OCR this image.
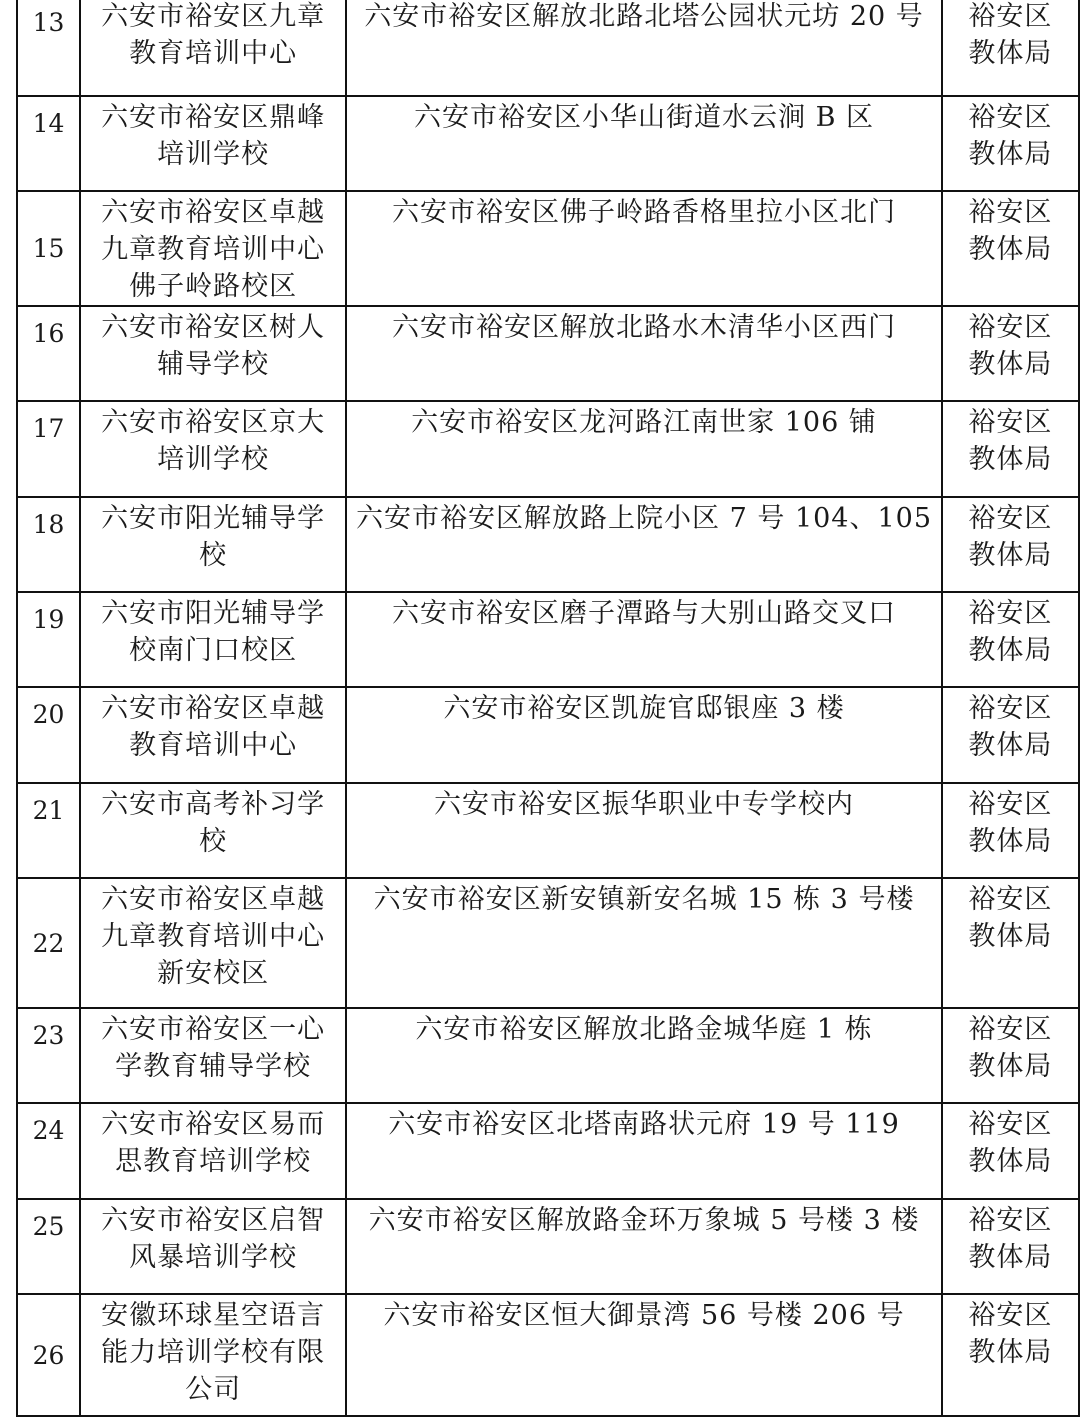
13	六安市裕安区九章
教育培训中心	六安市裕安区解放北路北塔公园状元坊 20 号	裕安区
教体局

14	六安市裕安区鼎峰
培训学校	六安市裕安区小华山街道水云涧 B 区	裕安区
教体局

15	六安市裕安区卓越
九章教育培训中心
佛子岭路校区	六安市裕安区佛子岭路香格里拉小区北门	裕安区
教体局

16	六安市裕安区树人
辅导学校	六安市裕安区解放北路水木清华小区西门	裕安区
教体局

17	六安市裕安区京大
培训学校	六安市裕安区龙河路江南世家 106 铺	裕安区
教体局

18	六安市阳光辅导学
校	六安市裕安区解放路上院小区 7 号 104、105	裕安区
教体局

19	六安市阳光辅导学
校南门口校区	六安市裕安区磨子潭路与大别山路交叉口	裕安区
教体局

20	六安市裕安区卓越
教育培训中心	六安市裕安区凯旋官邸银座 3 楼	裕安区
教体局

21	六安市高考补习学
校	六安市裕安区振华职业中专学校内	裕安区
教体局

22	六安市裕安区卓越
九章教育培训中心
新安校区	六安市裕安区新安镇新安名城 15 栋 3 号楼	裕安区
教体局

23	六安市裕安区一心
学教育辅导学校	六安市裕安区解放北路金城华庭 1 栋	裕安区
教体局

24	六安市裕安区易而
思教育培训学校	六安市裕安区北塔南路状元府 19 号 119	裕安区
教体局

25	六安市裕安区启智
风暴培训学校	六安市裕安区解放路金环万象城 5 号楼 3 楼	裕安区
教体局

26	安徽环球星空语言
能力培训学校有限
公司	六安市裕安区恒大御景湾 56 号楼 206 号	裕安区
教体局
